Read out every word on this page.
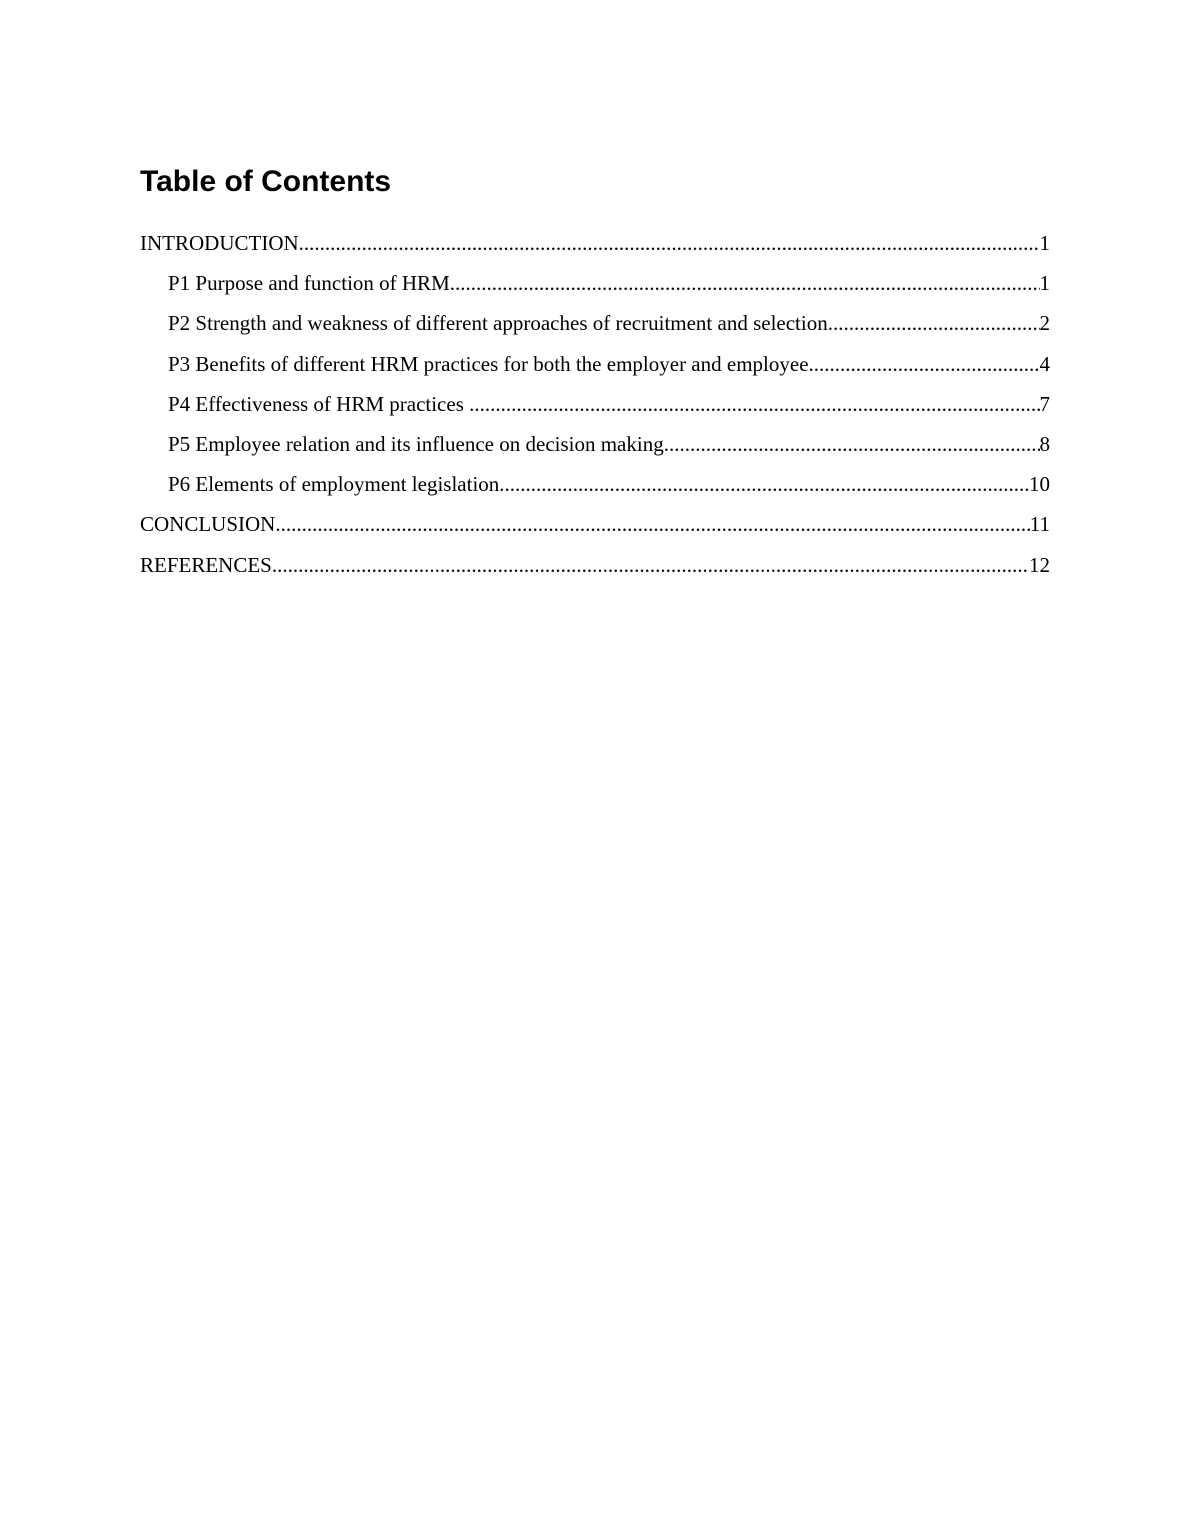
Table of Contents
INTRODUCTION .....	1
P1 Purpose and function of HRM .....	1
P2 Strength and weakness of different approaches of recruitment and selection .....	2
P3 Benefits of different HRM practices for both the employer and employee .....	4
P4 Effectiveness of HRM practices .....	7
P5 Employee relation and its influence on decision making .....	8
P6 Elements of employment legislation .....	10
CONCLUSION .....	11
REFERENCES .....	12
